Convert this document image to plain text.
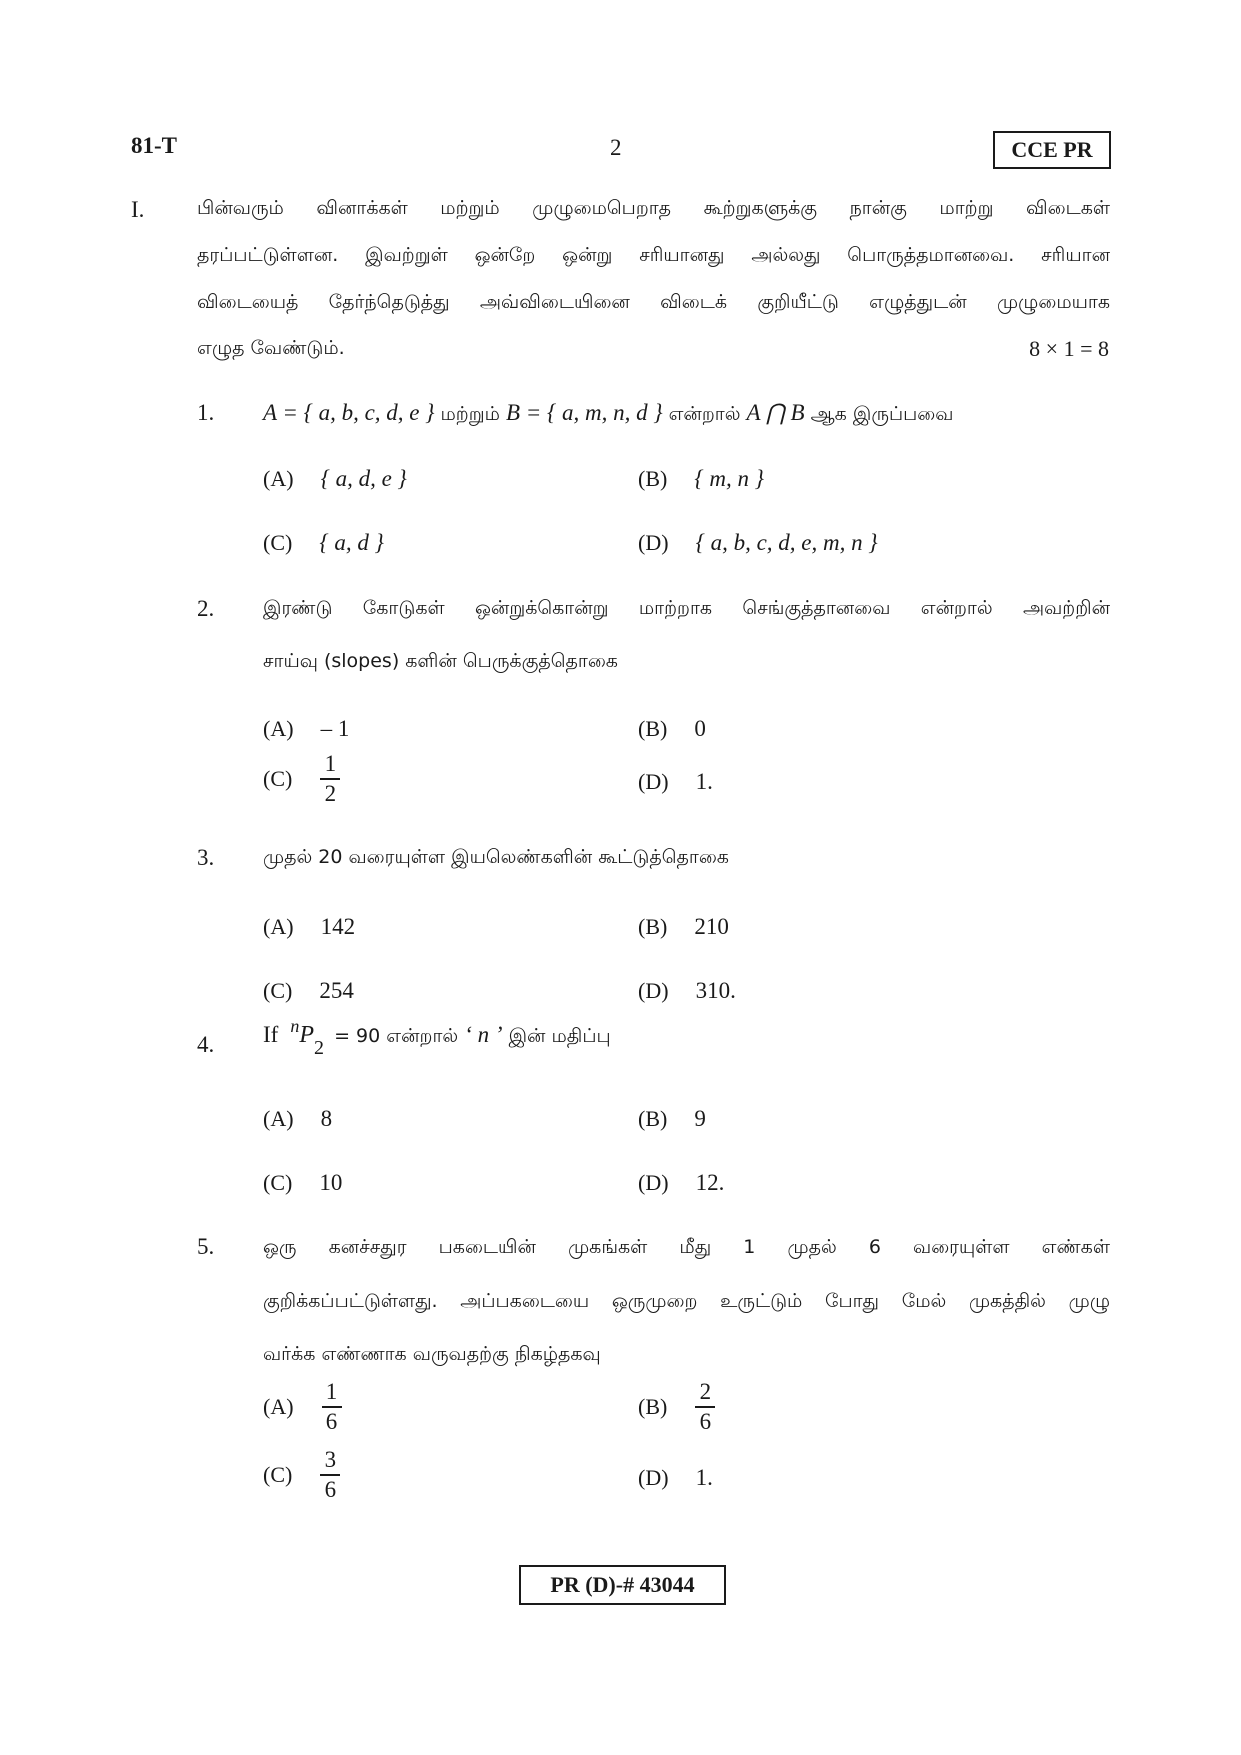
81-T	2	CCE PR
I.	பின்வரும் வினாக்கள் மற்றும் முழுமைபெறாத கூற்றுகளுக்கு நான்கு மாற்று விடைகள்
தரப்பட்டுள்ளன. இவற்றுள் ஒன்றே ஒன்று சரியானது அல்லது பொருத்தமானவை. சரியான
விடையைத் தேர்ந்தெடுத்து அவ்விடையினை விடைக் குறியீட்டு எழுத்துடன் முழுமையாக
எழுத வேண்டும்.	8 × 1 = 8
1. A = { a, b, c, d, e } மற்றும் B = { a, m, n, d } என்றால் A ⋂ B ஆக இருப்பவை
(A) { a, d, e }	(B) { m, n }
(C) { a, d }	(D) { a, b, c, d, e, m, n }
2.	இரண்டு கோடுகள் ஒன்றுக்கொன்று மாற்றாக செங்குத்தானவை என்றால் அவற்றின்
சாய்வு (slopes) களின் பெருக்குத்தொகை
(A) – 1	(B) 0
$(C) \frac{1}{2}$	(D) 1.
3.	முதல் 20 வரையுள்ள இயலெண்களின் கூட்டுத்தொகை
(A) 142	(B) 210
(C) 254	(D) 310.
4. If nP2 = 90 என்றால் ‘ n ’ இன் மதிப்பு
(A) 8	(B) 9
(C) 10	(D) 12.
5.	ஒரு கனச்சதுர பகடையின் முகங்கள் மீது 1 முதல் 6 வரையுள்ள எண்கள்
குறிக்கப்பட்டுள்ளது. அப்பகடையை ஒருமுறை உருட்டும் போது மேல் முகத்தில் முழு
வர்க்க எண்ணாக வருவதற்கு நிகழ்தகவு
$(A) \frac{1}{6}$	$(B) \frac{2}{6}$
$(C) \frac{3}{6}$	(D) 1.
PR (D)-# 43044
